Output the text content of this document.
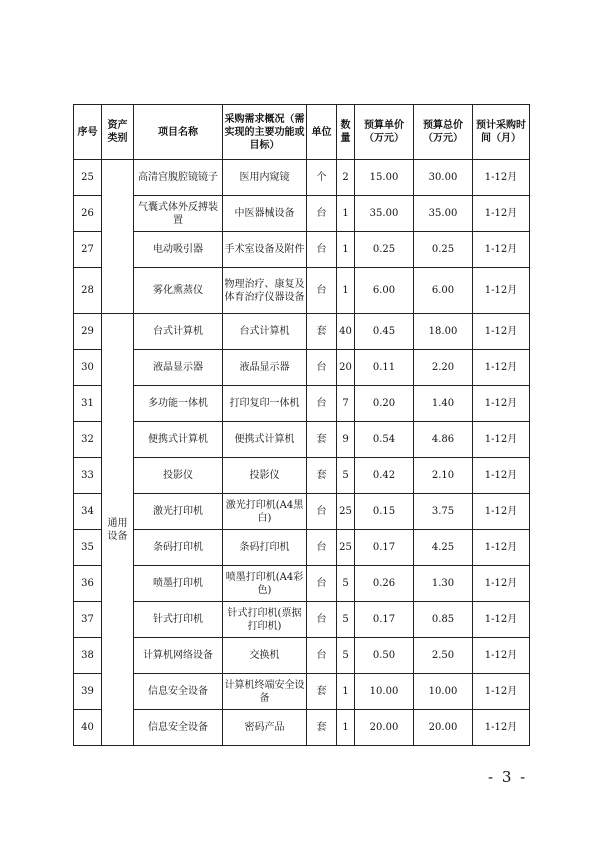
序号	资产类别	项目名称	采购需求概况（需实现的主要功能或目标）	单位	数量	预算单价（万元）	预算总价（万元）	预计采购时间（月）
25		高清宫腹腔镜镜子	医用内窥镜	个	2	15.00	30.00	1-12月
26		气囊式体外反搏装置	中医器械设备	台	1	35.00	35.00	1-12月
27		电动吸引器	手术室设备及附件	台	1	0.25	0.25	1-12月
28		雾化熏蒸仪	物理治疗、康复及体育治疗仪器设备	台	1	6.00	6.00	1-12月
29	通用设备	台式计算机	台式计算机	套	40	0.45	18.00	1-12月
30		液晶显示器	液晶显示器	台	20	0.11	2.20	1-12月
31		多功能一体机	打印复印一体机	台	7	0.20	1.40	1-12月
32		便携式计算机	便携式计算机	套	9	0.54	4.86	1-12月
33		投影仪	投影仪	套	5	0.42	2.10	1-12月
34		激光打印机	激光打印机(A4黑白)	台	25	0.15	3.75	1-12月
35		条码打印机	条码打印机	台	25	0.17	4.25	1-12月
36		喷墨打印机	喷墨打印机(A4彩色)	台	5	0.26	1.30	1-12月
37		针式打印机	针式打印机(票据打印机)	台	5	0.17	0.85	1-12月
38		计算机网络设备	交换机	台	5	0.50	2.50	1-12月
39		信息安全设备	计算机终端安全设备	套	1	10.00	10.00	1-12月
40		信息安全设备	密码产品	套	1	20.00	20.00	1-12月
- 3 -
